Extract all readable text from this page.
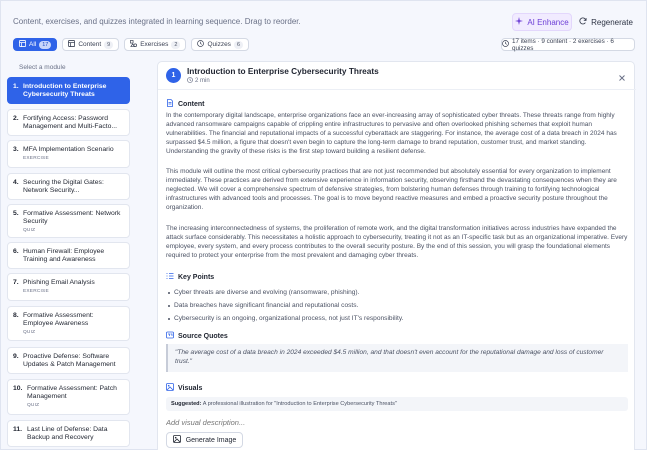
Content, exercises, and quizzes integrated in learning sequence. Drag to reorder.	AI Enhance	Regenerate
All	17	Content	9	Exercises	2	Quizzes	6	17 items · 9 content · 2 exercises · 6 quizzes
Select a module
1. Introduction to Enterprise Cybersecurity Threats
2. Fortifying Access: Password Management and Multi-Facto...
3. MFA Implementation Scenario
EXERCISE
4. Securing the Digital Gates: Network Security...
5. Formative Assessment: Network Security
QUIZ
6. Human Firewall: Employee Training and Awareness
7. Phishing Email Analysis
EXERCISE
8. Formative Assessment: Employee Awareness
QUIZ
9. Proactive Defense: Software Updates & Patch Management
10. Formative Assessment: Patch Management
QUIZ
11. Last Line of Defense: Data Backup and Recovery
1	Introduction to Enterprise Cybersecurity Threats
2 min
Content
In the contemporary digital landscape, enterprise organizations face an ever-increasing array of sophisticated cyber threats. These threats range from highly advanced ransomware campaigns capable of crippling entire infrastructures to pervasive and often overlooked phishing schemes that exploit human vulnerabilities. The financial and reputational impacts of a successful cyberattack are staggering. For instance, the average cost of a data breach in 2024 has surpassed $4.5 million, a figure that doesn't even begin to capture the long-term damage to brand reputation, customer trust, and market standing. Understanding the gravity of these risks is the first step toward building a resilient defense.
This module will outline the most critical cybersecurity practices that are not just recommended but absolutely essential for every organization to implement immediately. These practices are derived from extensive experience in information security, observing firsthand the devastating consequences when they are neglected. We will cover a comprehensive spectrum of defensive strategies, from bolstering human defenses through training to fortifying technological infrastructures with advanced tools and processes. The goal is to move beyond reactive measures and embed a proactive security posture throughout the organization.
The increasing interconnectedness of systems, the proliferation of remote work, and the digital transformation initiatives across industries have expanded the attack surface considerably. This necessitates a holistic approach to cybersecurity, treating it not as an IT-specific task but as an organizational imperative. Every employee, every system, and every process contributes to the overall security posture. By the end of this session, you will grasp the foundational elements required to protect your enterprise from the most prevalent and damaging cyber threats.
Key Points
Cyber threats are diverse and evolving (ransomware, phishing).
Data breaches have significant financial and reputational costs.
Cybersecurity is an ongoing, organizational process, not just IT's responsibility.
Source Quotes
"The average cost of a data breach in 2024 exceeded $4.5 million, and that doesn't even account for the reputational damage and loss of customer trust."
Visuals
Suggested: A professional illustration for "Introduction to Enterprise Cybersecurity Threats"
Add visual description...
Generate Image
